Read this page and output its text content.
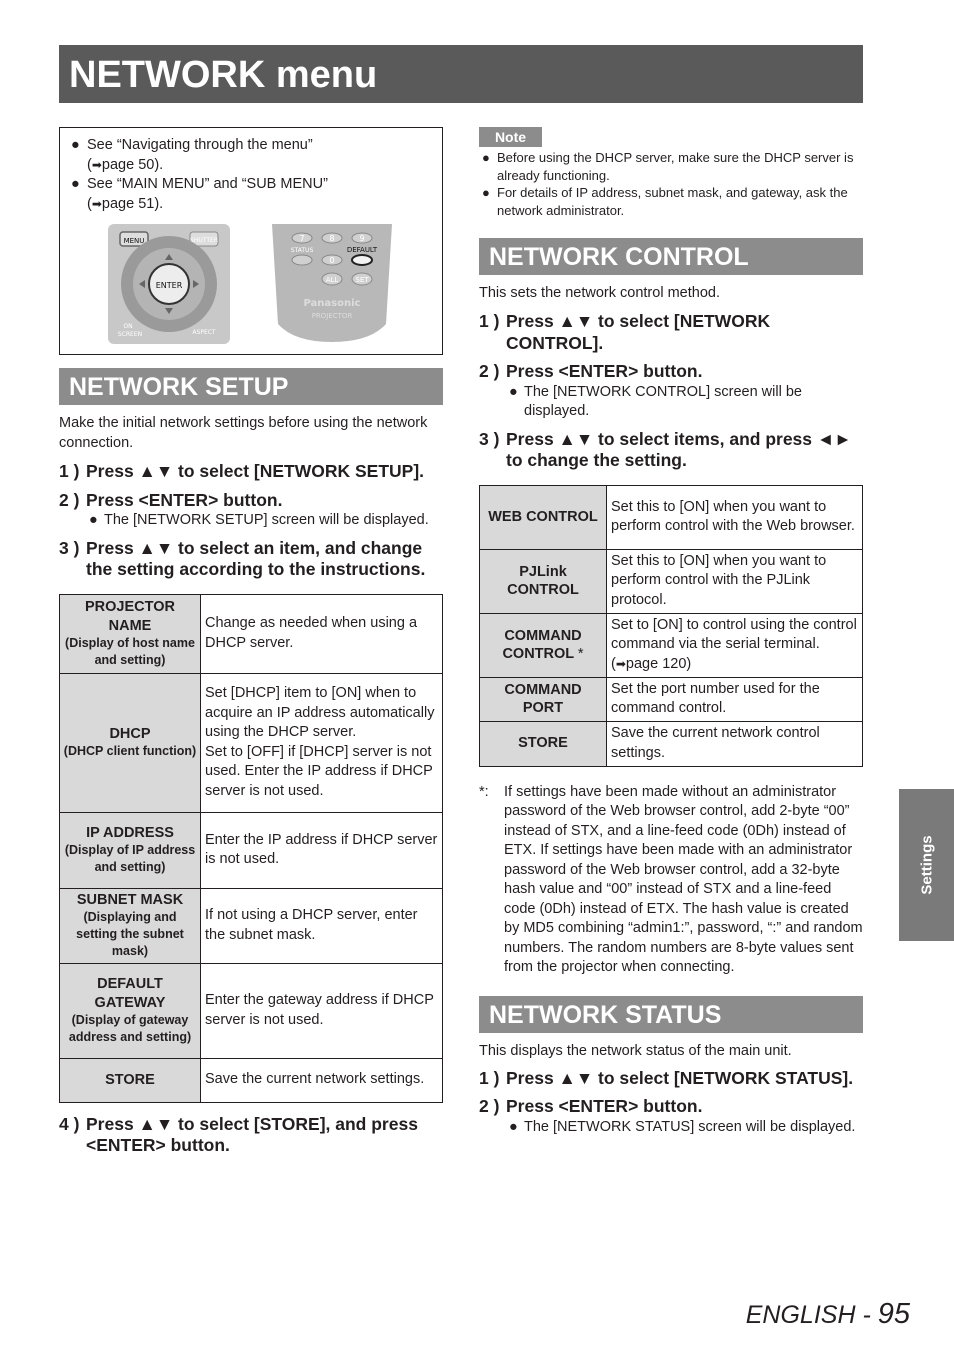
NETWORK menu
● See “Navigating through the menu”
(➡page 50).
● See “MAIN MENU” and “SUB MENU”
(➡page 51).
MENU	SHUTTER
ENTER
ON
SCREEN	ASPECT
7	8	9
STATUS	DEFAULT
0
ALL SET
Panasonic
PROJECTOR
NETWORK SETUP
Make the initial network settings before using the network connection.
1 ) Press ▲▼ to select [NETWORK SETUP].
2 ) Press <ENTER> button.
● The [NETWORK SETUP] screen will be displayed.
3 ) Press ▲▼ to select an item, and change the setting according to the instructions.
PROJECTOR NAME
(Display of host name and setting)	Change as needed when using a DHCP server.
DHCP
(DHCP client function)	Set [DHCP] item to [ON] when to acquire an IP address automatically using the DHCP server.
Set to [OFF] if [DHCP] server is not used. Enter the IP address if DHCP server is not used.
IP ADDRESS
(Display of IP address and setting)	Enter the IP address if DHCP server is not used.
SUBNET MASK
(Displaying and setting the subnet mask)	If not using a DHCP server, enter the subnet mask.
DEFAULT GATEWAY
(Display of gateway address and setting)	Enter the gateway address if DHCP server is not used.
STORE	Save the current network settings.
4 ) Press ▲▼ to select [STORE], and press <ENTER> button.
Note
● Before using the DHCP server, make sure the DHCP server is already functioning.
● For details of IP address, subnet mask, and gateway, ask the network administrator.
NETWORK CONTROL
This sets the network control method.
1 ) Press ▲▼ to select [NETWORK CONTROL].
2 ) Press <ENTER> button.
● The [NETWORK CONTROL] screen will be displayed.
3 ) Press ▲▼ to select items, and press ◄► to change the setting.
WEB CONTROL	Set this to [ON] when you want to perform control with the Web browser.
PJLink CONTROL	Set this to [ON] when you want to perform control with the PJLink protocol.
COMMAND CONTROL *	Set to [ON] to control using the control command via the serial terminal. (➡page 120)
COMMAND PORT	Set the port number used for the command control.
STORE	Save the current network control settings.
*: If settings have been made without an administrator password of the Web browser control, add 2-byte “00” instead of STX, and a line-feed code (0Dh) instead of ETX. If settings have been made with an administrator password of the Web browser control, add a 32-byte hash value and “00” instead of STX and a line-feed code (0Dh) instead of ETX. The hash value is created by MD5 combining “admin1:”, password, “:” and random numbers. The random numbers are 8-byte values sent from the projector when connecting.
NETWORK STATUS
This displays the network status of the main unit.
1 ) Press ▲▼ to select [NETWORK STATUS].
2 ) Press <ENTER> button.
● The [NETWORK STATUS] screen will be displayed.
Settings
ENGLISH - 95
